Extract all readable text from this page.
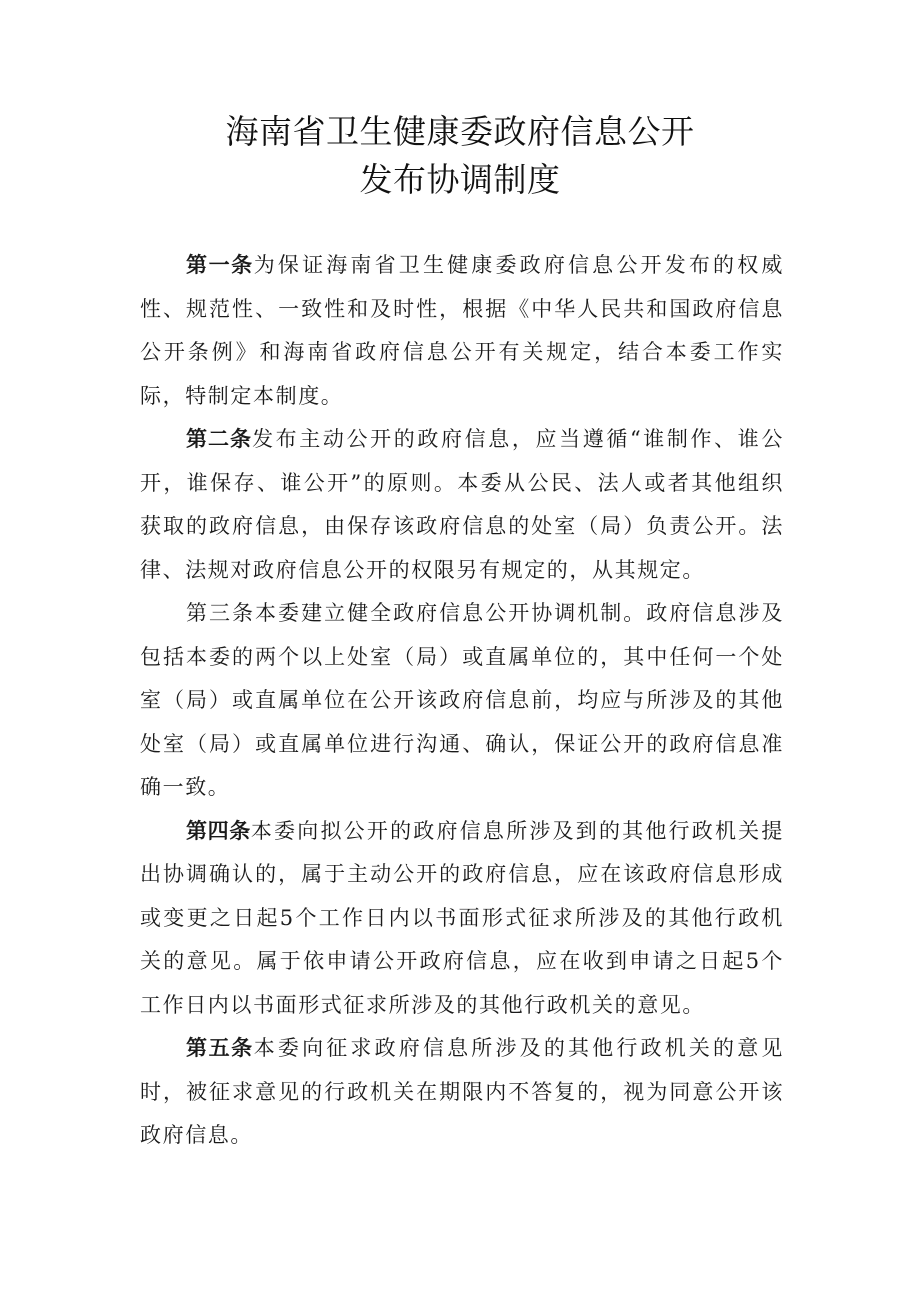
海南省卫生健康委政府信息公开
发布协调制度

第一条为保证海南省卫生健康委政府信息公开发布的权威性、规范性、一致性和及时性，根据《中华人民共和国政府信息公开条例》和海南省政府信息公开有关规定，结合本委工作实际，特制定本制度。

第二条发布主动公开的政府信息，应当遵循“谁制作、谁公开，谁保存、谁公开”的原则。本委从公民、法人或者其他组织获取的政府信息，由保存该政府信息的处室（局）负责公开。法律、法规对政府信息公开的权限另有规定的，从其规定。

第三条本委建立健全政府信息公开协调机制。政府信息涉及包括本委的两个以上处室（局）或直属单位的，其中任何一个处室（局）或直属单位在公开该政府信息前，均应与所涉及的其他处室（局）或直属单位进行沟通、确认，保证公开的政府信息准确一致。

第四条本委向拟公开的政府信息所涉及到的其他行政机关提出协调确认的，属于主动公开的政府信息，应在该政府信息形成或变更之日起5个工作日内以书面形式征求所涉及的其他行政机关的意见。属于依申请公开政府信息，应在收到申请之日起5个工作日内以书面形式征求所涉及的其他行政机关的意见。

第五条本委向征求政府信息所涉及的其他行政机关的意见时，被征求意见的行政机关在期限内不答复的，视为同意公开该政府信息。
